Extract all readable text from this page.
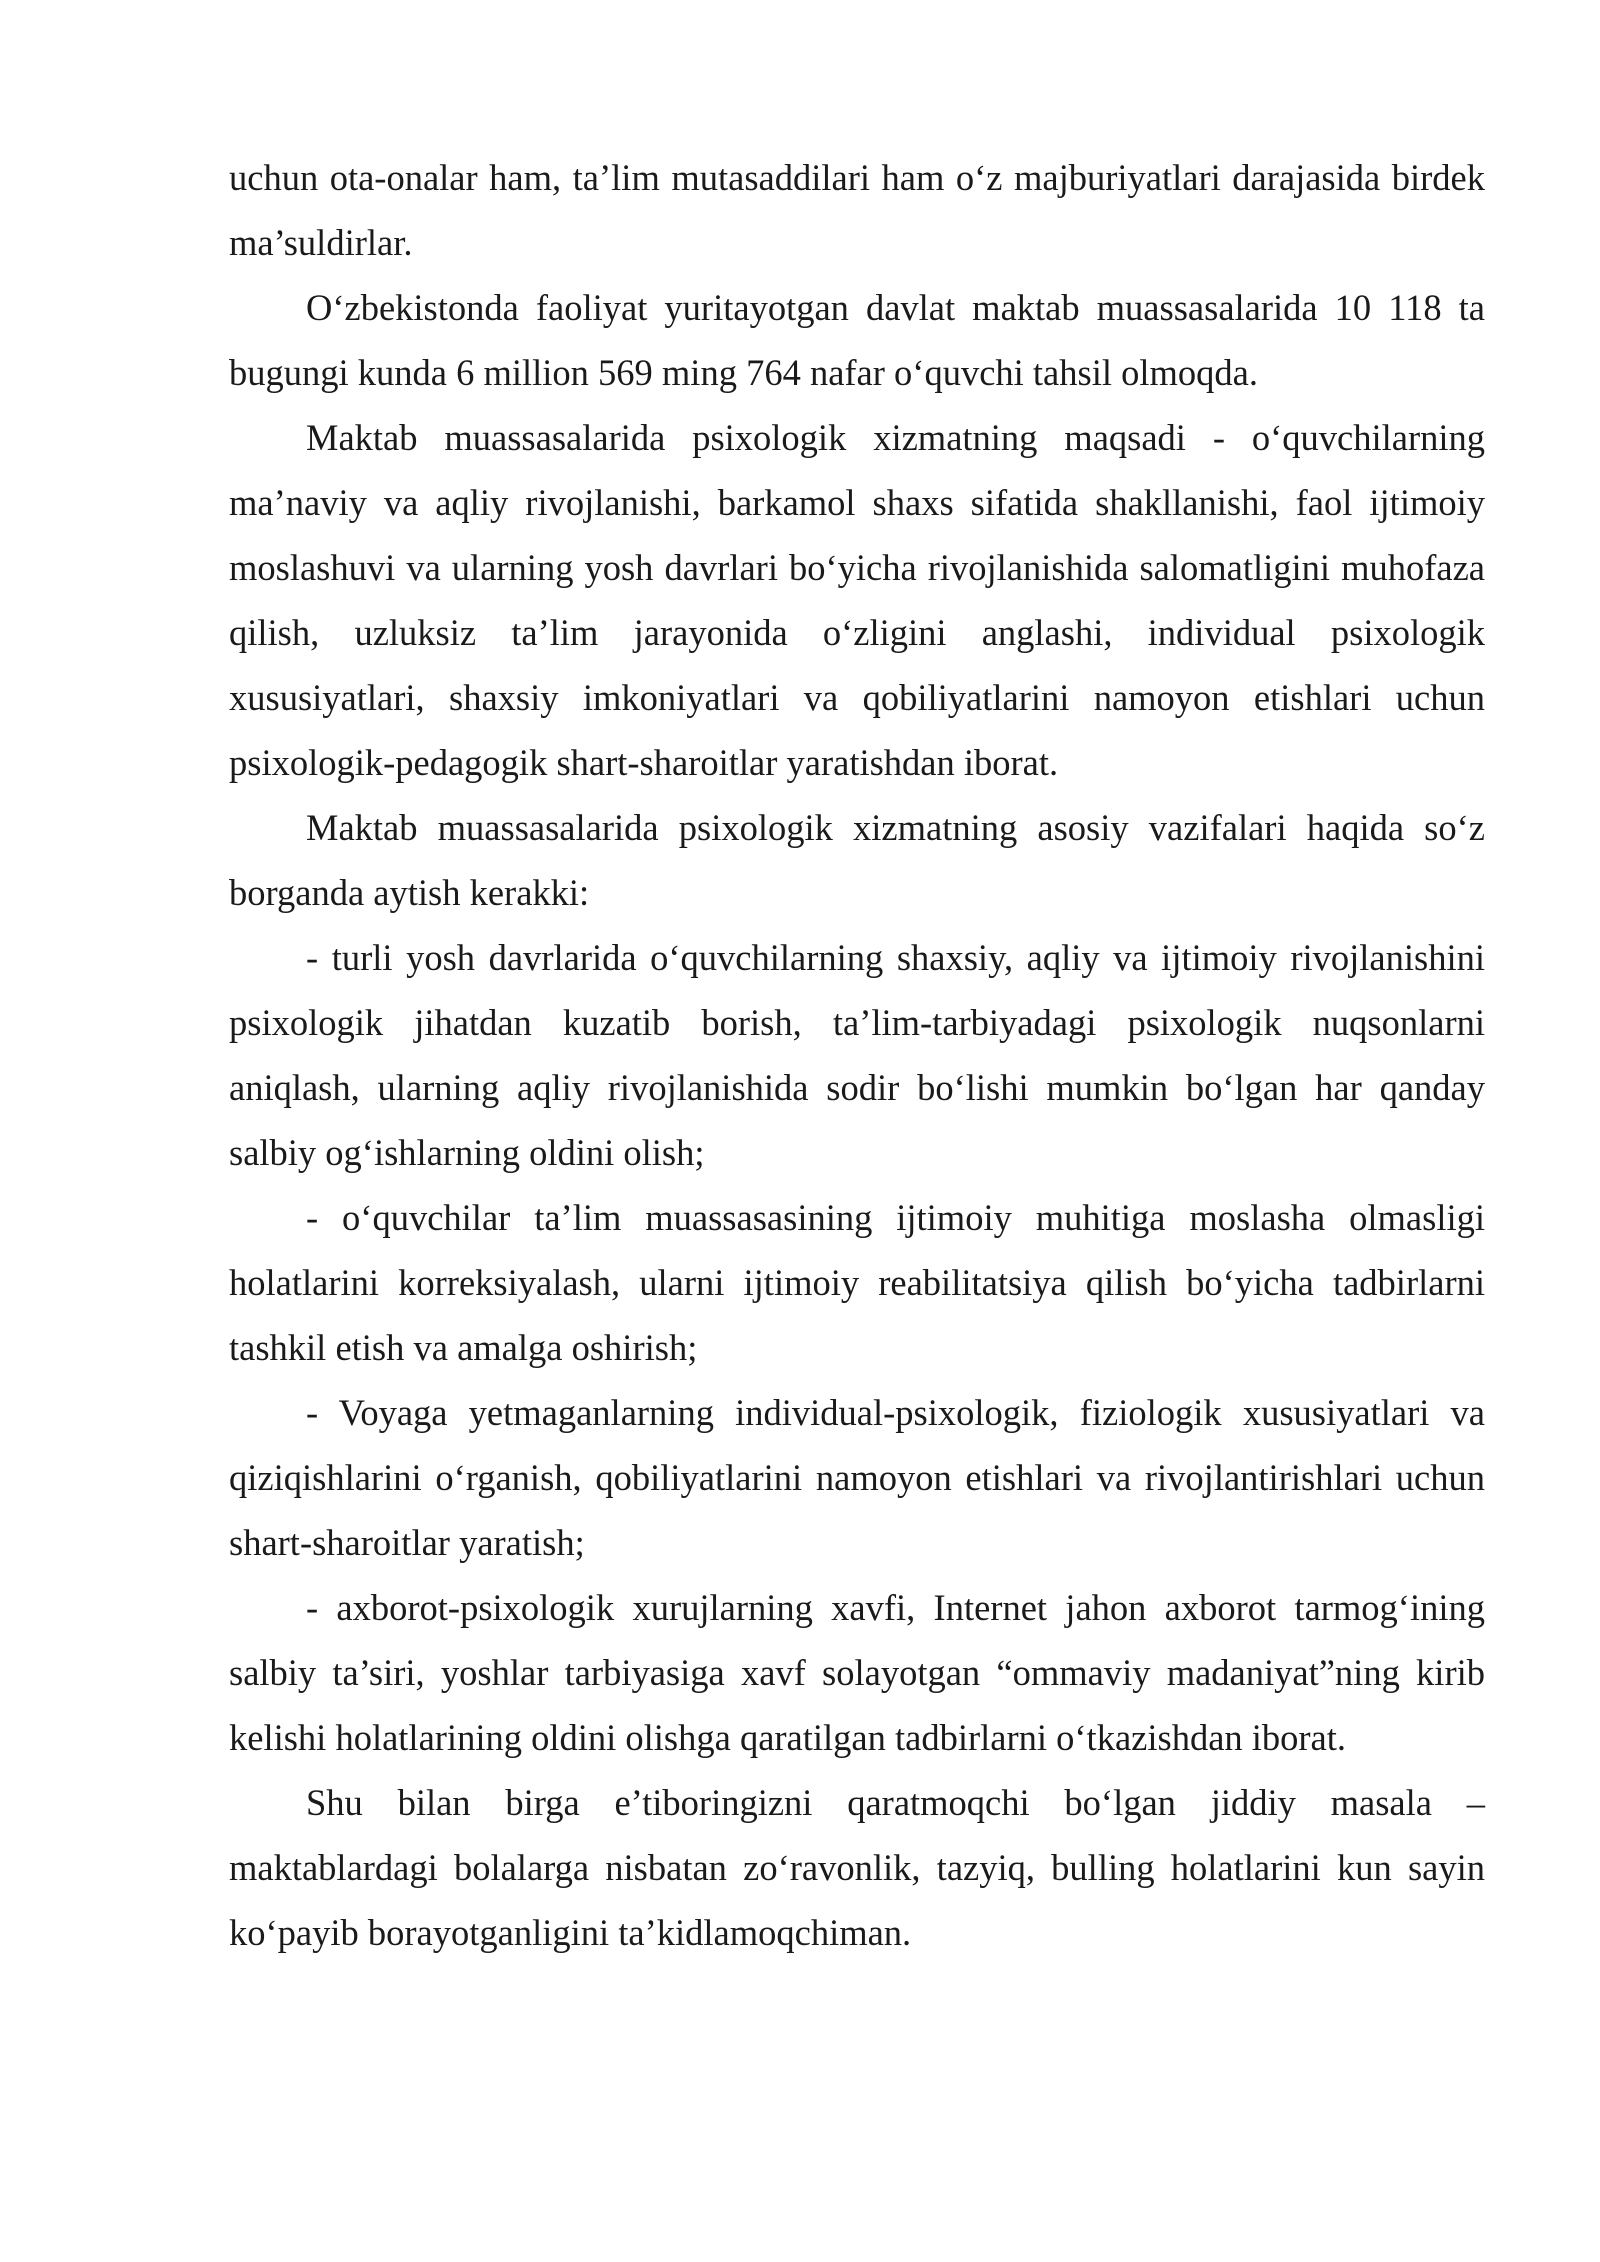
uchun ota-onalar ham, ta’lim mutasaddilari ham o‘z majburiyatlari darajasida birdek ma’suldirlar.

O‘zbekistonda faoliyat yuritayotgan davlat maktab muassasalarida 10 118 ta bugungi kunda 6 million 569 ming 764 nafar o‘quvchi tahsil olmoqda.

Maktab muassasalarida psixologik xizmatning maqsadi - o‘quvchilarning ma’naviy va aqliy rivojlanishi, barkamol shaxs sifatida shakllanishi, faol ijtimoiy moslashuvi va ularning yosh davrlari bo‘yicha rivojlanishida salomatligini muhofaza qilish, uzluksiz ta’lim jarayonida o‘zligini anglashi, individual psixologik xususiyatlari, shaxsiy imkoniyatlari va qobiliyatlarini namoyon etishlari uchun psixologik-pedagogik shart-sharoitlar yaratishdan iborat.

Maktab muassasalarida psixologik xizmatning asosiy vazifalari haqida so‘z borganda aytish kerakki:

- turli yosh davrlarida o‘quvchilarning shaxsiy, aqliy va ijtimoiy rivojlanishini psixologik jihatdan kuzatib borish, ta’lim-tarbiyadagi psixologik nuqsonlarni aniqlash, ularning aqliy rivojlanishida sodir bo‘lishi mumkin bo‘lgan har qanday salbiy og‘ishlarning oldini olish;

- o‘quvchilar ta’lim muassasasining ijtimoiy muhitiga moslasha olmasligi holatlarini korreksiyalash, ularni ijtimoiy reabilitatsiya qilish bo‘yicha tadbirlarni tashkil etish va amalga oshirish;

- Voyaga yetmaganlarning individual-psixologik, fiziologik xususiyatlari va qiziqishlarini o‘rganish, qobiliyatlarini namoyon etishlari va rivojlantirishlari uchun shart-sharoitlar yaratish;

- axborot-psixologik xurujlarning xavfi, Internet jahon axborot tarmog‘ining salbiy ta’siri, yoshlar tarbiyasiga xavf solayotgan “ommaviy madaniyat”ning kirib kelishi holatlarining oldini olishga qaratilgan tadbirlarni o‘tkazishdan iborat.

Shu bilan birga e’tiboringizni qaratmoqchi bo‘lgan jiddiy masala – maktablardagi bolalarga nisbatan zo‘ravonlik, tazyiq, bulling holatlarini kun sayin ko‘payib borayotganligini ta’kidlamoqchiman.
